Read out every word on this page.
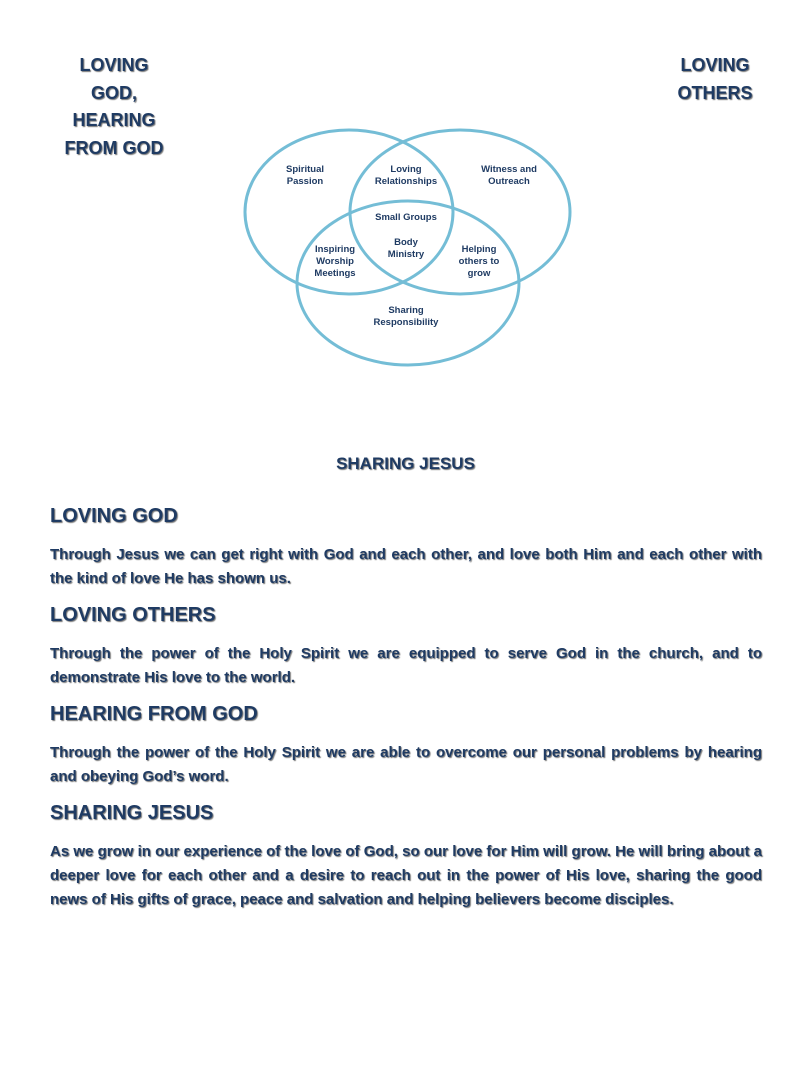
LOVING
GOD,
HEARING
FROM GOD
LOVING
OTHERS
Spiritual
Passion
Loving
Relationships
Witness and
Outreach
Small Groups
Body
Ministry
Inspiring
Worship
Meetings
Helping
others to
grow
Sharing
Responsibility
SHARING JESUS
LOVING GOD

Through Jesus we can get right with God and each other, and love both Him and each other with the kind of love He has shown us.

LOVING OTHERS

Through the power of the Holy Spirit we are equipped to serve God in the church, and to demonstrate His love to the world.

HEARING FROM GOD

Through the power of the Holy Spirit we are able to overcome our personal problems by hearing and obeying God’s word.

SHARING JESUS

As we grow in our experience of the love of God, so our love for Him will grow. He will bring about a deeper love for each other and a desire to reach out in the power of His love, sharing the good news of His gifts of grace, peace and salvation and helping believers become disciples.
